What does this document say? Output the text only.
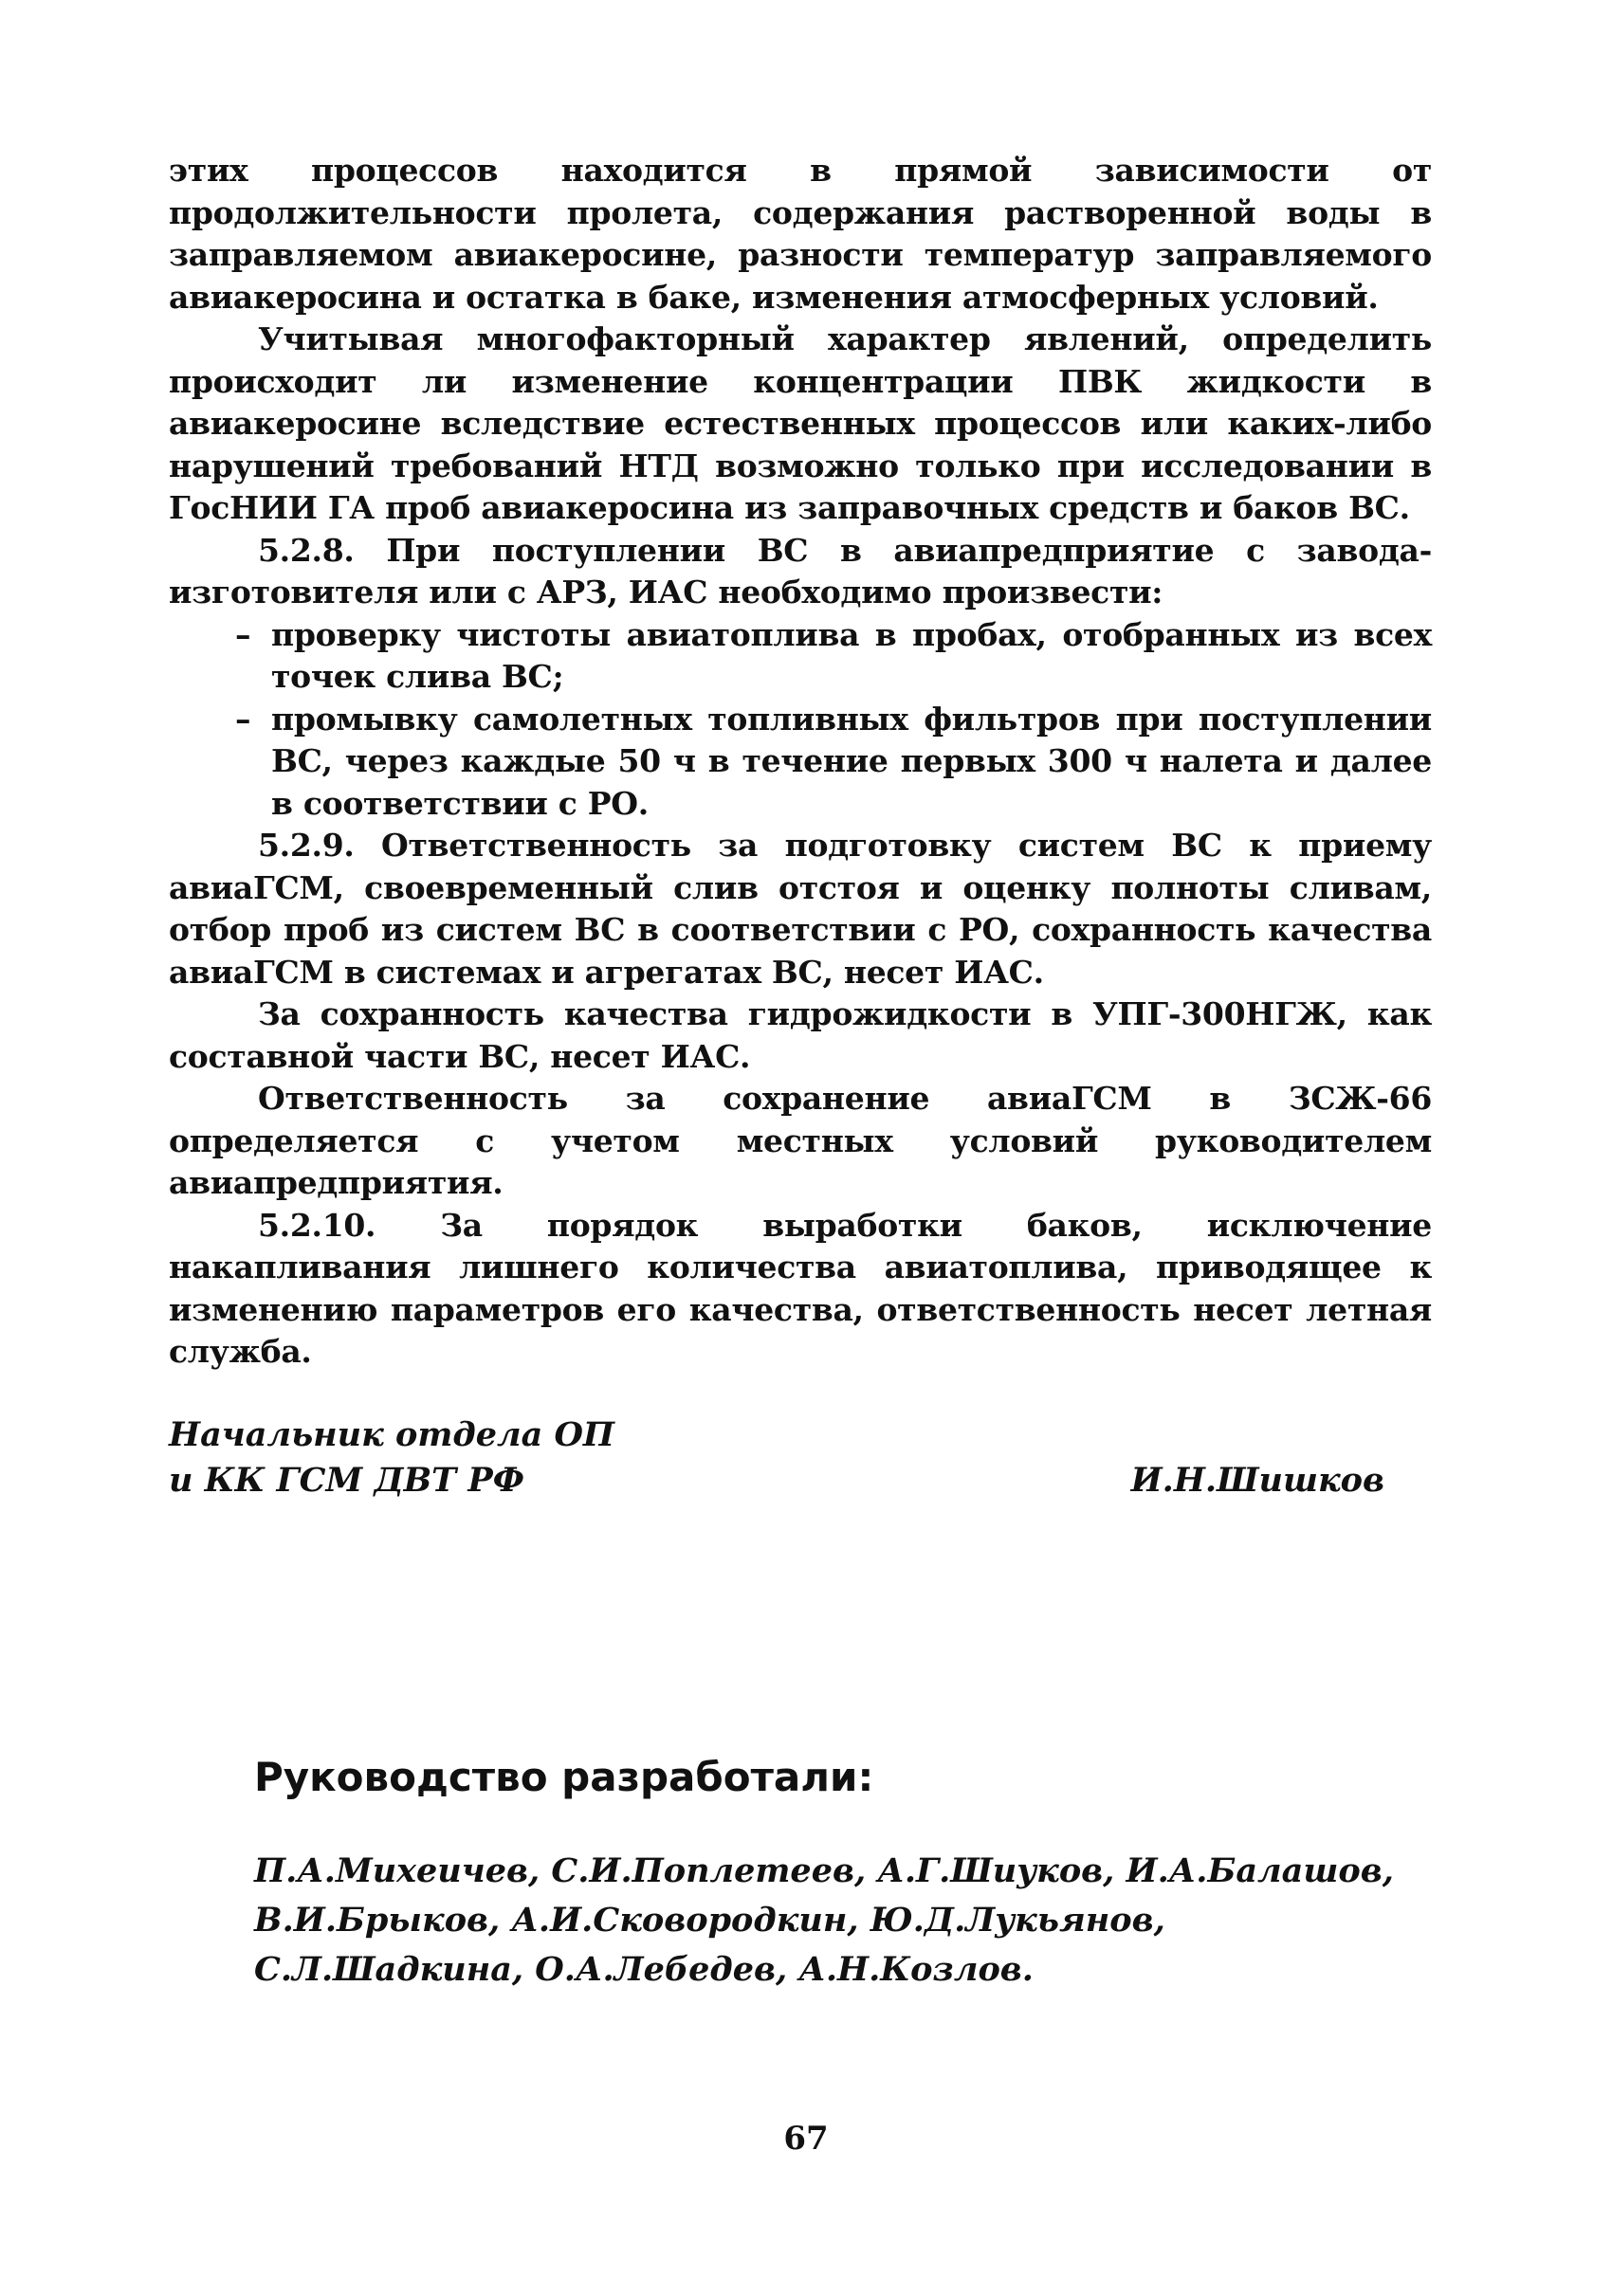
этих процессов находится в прямой зависимости от продолжительности пролета, содержания растворенной воды в заправляемом авиакеросине, разности температур заправляемого авиакеросина и остатка в баке, изменения атмосферных условий.

Учитывая многофакторный характер явлений, определить происходит ли изменение концентрации ПВК жидкости в авиакеросине вследствие естественных процессов или каких-либо нарушений требований НТД возможно только при исследовании в ГосНИИ ГА проб авиакеросина из заправочных средств и баков ВС.

5.2.8. При поступлении ВС в авиапредприятие с завода-изготовителя или с АРЗ, ИАС необходимо произвести:

– проверку чистоты авиатоплива в пробах, отобранных из всех точек слива ВС;
– промывку самолетных топливных фильтров при поступлении ВС, через каждые 50 ч в течение первых 300 ч налета и далее в соответствии с РО.

5.2.9. Ответственность за подготовку систем ВС к приему авиаГСМ, своевременный слив отстоя и оценку полноты сливам, отбор проб из систем ВС в соответствии с РО, сохранность качества авиаГСМ в системах и агрегатах ВС, несет ИАС.

За сохранность качества гидрожидкости в УПГ-300НГЖ, как составной части ВС, несет ИАС.

Ответственность за сохранение авиаГСМ в ЗСЖ-66 определяется с учетом местных условий руководителем авиапредприятия.

5.2.10. За порядок выработки баков, исключение накапливания лишнего количества авиатоплива, приводящее к изменению параметров его качества, ответственность несет летная служба.

Начальник отдела ОП
и КК ГСМ ДВТ РФ	И.Н.Шишков
Руководство разработали:
П.А.Михеичев, С.И.Поплетеев, А.Г.Шиуков, И.А.Балашов, В.И.Брыков, А.И.Сковородкин, Ю.Д.Лукьянов, С.Л.Шадкина, О.А.Лебедев, А.Н.Козлов.
67
